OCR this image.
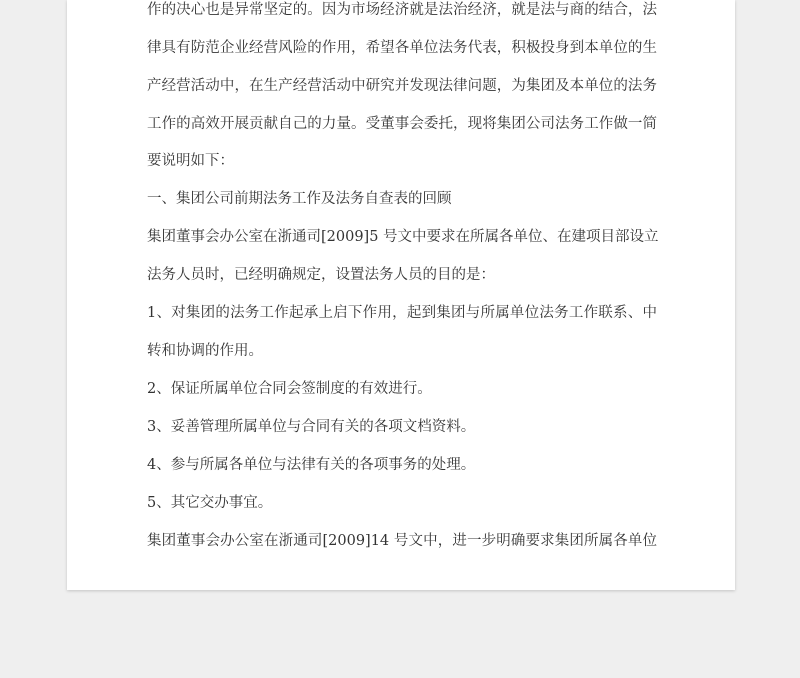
作的决心也是异常坚定的。因为市场经济就是法治经济，就是法与商的结合，法
律具有防范企业经营风险的作用，希望各单位法务代表，积极投身到本单位的生
产经营活动中，在生产经营活动中研究并发现法律问题，为集团及本单位的法务
工作的高效开展贡献自己的力量。受董事会委托，现将集团公司法务工作做一简
要说明如下：
一、集团公司前期法务工作及法务自查表的回顾
集团董事会办公室在浙通司[2009]5 号文中要求在所属各单位、在建项目部设立
法务人员时，已经明确规定，设置法务人员的目的是：
1、对集团的法务工作起承上启下作用，起到集团与所属单位法务工作联系、中
转和协调的作用。
2、保证所属单位合同会签制度的有效进行。
3、妥善管理所属单位与合同有关的各项文档资料。
4、参与所属各单位与法律有关的各项事务的处理。
5、其它交办事宜。
集团董事会办公室在浙通司[2009]14 号文中，进一步明确要求集团所属各单位
